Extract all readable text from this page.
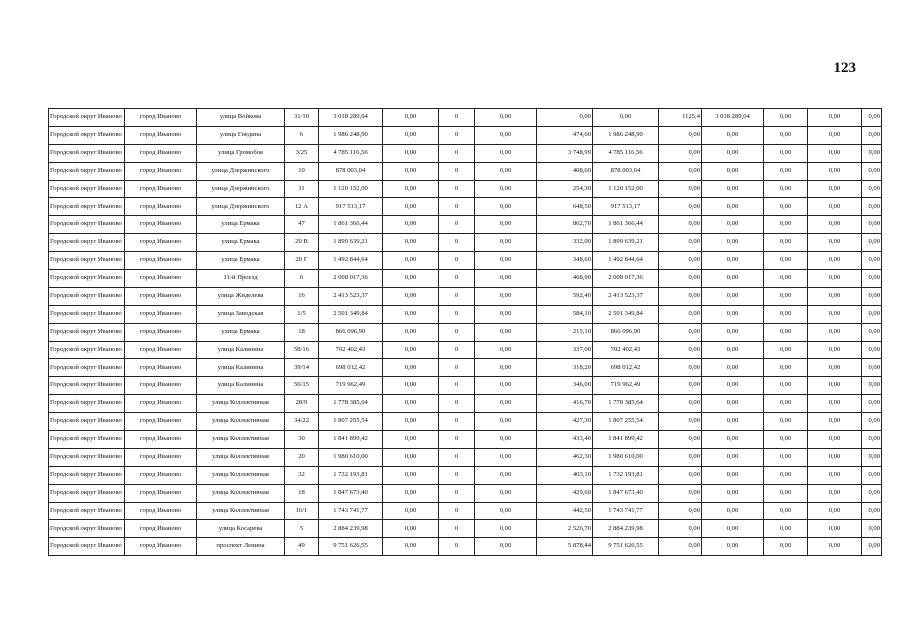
123
Городской округ Иваново	город Иваново	улица Войкова	31/10	3 018 289,04	0,00	0	0,00	0,00	0,00	1125,4	3 018 289,04	0,00	0,00	0,00
Городской округ Иваново	город Иваново	улица Гнедина	6	1 986 248,90	0,00	0	0,00	474,60	1 986 248,90	0,00	0,00	0,00	0,00	0,00
Городской округ Иваново	город Иваново	улица Громобоя	3/25	4 785 116,56	0,00	0	0,00	3 748,99	4 785 116,56	0,00	0,00	0,00	0,00	0,00
Городской округ Иваново	город Иваново	улица Дзержинского	10	878 003,04	0,00	0	0,00	408,60	878 003,04	0,00	0,00	0,00	0,00	0,00
Городской округ Иваново	город Иваново	улица Дзержинского	11	1 120 152,00	0,00	0	0,00	254,30	1 120 152,00	0,00	0,00	0,00	0,00	0,00
Городской округ Иваново	город Иваново	улица Дзержинского	12 А	917 513,17	0,00	0	0,00	648,50	917 513,17	0,00	0,00	0,00	0,00	0,00
Городской округ Иваново	город Иваново	улица Ермака	47	1 861 366,44	0,00	0	0,00	862,70	1 861 366,44	0,00	0,00	0,00	0,00	0,00
Городской округ Иваново	город Иваново	улица Ермака	20 В	1 899 639,21	0,00	0	0,00	332,00	1 899 639,21	0,00	0,00	0,00	0,00	0,00
Городской округ Иваново	город Иваново	улица Ермака	20 Г	1 492 844,64	0,00	0	0,00	348,60	1 492 844,64	0,00	0,00	0,00	0,00	0,00
Городской округ Иваново	город Иваново	11-й Проезд	6	2 008 017,36	0,00	0	0,00	468,90	2 008 017,36	0,00	0,00	0,00	0,00	0,00
Городской округ Иваново	город Иваново	улица Жиделева	16	2 413 523,37	0,00	0	0,00	592,40	2 413 523,37	0,00	0,00	0,00	0,00	0,00
Городской округ Иваново	город Иваново	улица Заводская	1/5	2 501 349,84	0,00	0	0,00	584,10	2 501 349,84	0,00	0,00	0,00	0,00	0,00
Городской округ Иваново	город Иваново	улица Ермака	18	866 096,90	0,00	0	0,00	215,10	866 096,90	0,00	0,00	0,00	0,00	0,00
Городской округ Иваново	город Иваново	улица Калинина	58/16	702 402,43	0,00	0	0,00	337,00	702 402,43	0,00	0,00	0,00	0,00	0,00
Городской округ Иваново	город Иваново	улица Калинина	39/14	698 012,42	0,00	0	0,00	318,20	698 012,42	0,00	0,00	0,00	0,00	0,00
Городской округ Иваново	город Иваново	улица Калинина	56/15	719 962,49	0,00	0	0,00	346,00	719 962,49	0,00	0,00	0,00	0,00	0,00
Городской округ Иваново	город Иваново	улица Коллективная	28/9	1 778 385,64	0,00	0	0,00	416,70	1 778 385,64	0,00	0,00	0,00	0,00	0,00
Городской округ Иваново	город Иваново	улица Коллективная	34/22	1 807 255,54	0,00	0	0,00	427,30	1 807 255,54	0,00	0,00	0,00	0,00	0,00
Городской округ Иваново	город Иваново	улица Коллективная	30	1 841 899,42	0,00	0	0,00	433,40	1 841 899,42	0,00	0,00	0,00	0,00	0,00
Городской округ Иваново	город Иваново	улица Коллективная	20	1 980 610,00	0,00	0	0,00	462,30	1 980 610,00	0,00	0,00	0,00	0,00	0,00
Городской округ Иваново	город Иваново	улица Коллективная	32	1 732 193,81	0,00	0	0,00	403,10	1 732 193,81	0,00	0,00	0,00	0,00	0,00
Городской округ Иваново	город Иваново	улица Коллективная	18	1 847 673,40	0,00	0	0,00	429,60	1 847 673,40	0,00	0,00	0,00	0,00	0,00
Городской округ Иваново	город Иваново	улица Коллективная	16/1	1 743 741,77	0,00	0	0,00	442,50	1 743 741,77	0,00	0,00	0,00	0,00	0,00
Городской округ Иваново	город Иваново	улица Косарева	5	2 884 239,98	0,00	0	0,00	2 526,70	2 884 239,98	0,00	0,00	0,00	0,00	0,00
Городской округ Иваново	город Иваново	проспект Ленина	49	9 751 626,55	0,00	0	0,00	5 878,44	9 751 626,55	0,00	0,00	0,00	0,00	0,00
